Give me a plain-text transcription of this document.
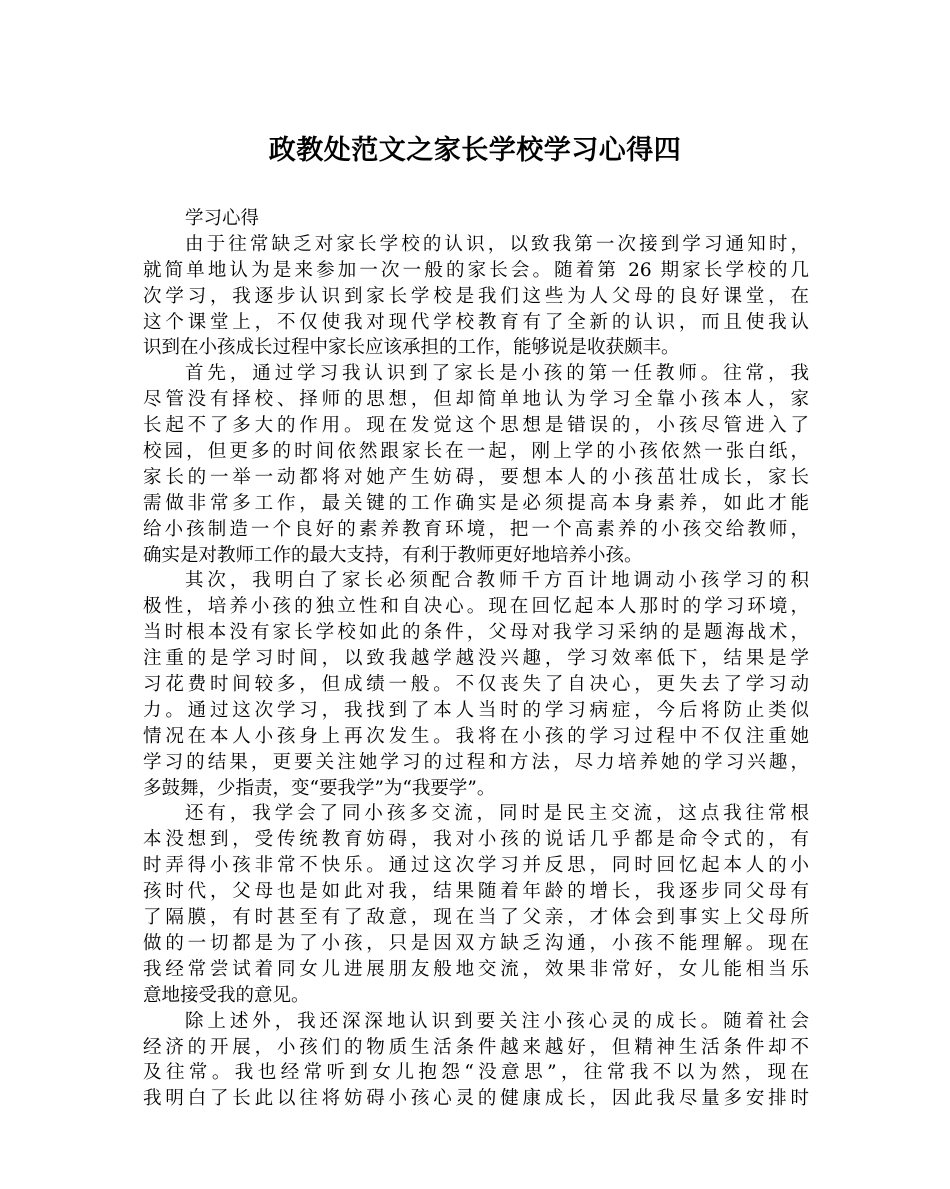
政教处范文之家长学校学习心得四
学习心得
由于往常缺乏对家长学校的认识，以致我第一次接到学习通知时，
就简单地认为是来参加一次一般的家长会。随着第 26 期家长学校的几
次学习，我逐步认识到家长学校是我们这些为人父母的良好课堂，在
这个课堂上，不仅使我对现代学校教育有了全新的认识，而且使我认
识到在小孩成长过程中家长应该承担的工作，能够说是收获颇丰。
首先，通过学习我认识到了家长是小孩的第一任教师。往常，我
尽管没有择校、择师的思想，但却简单地认为学习全靠小孩本人，家
长起不了多大的作用。现在发觉这个思想是错误的，小孩尽管进入了
校园，但更多的时间依然跟家长在一起，刚上学的小孩依然一张白纸，
家长的一举一动都将对她产生妨碍，要想本人的小孩茁壮成长，家长
需做非常多工作，最关键的工作确实是必须提高本身素养，如此才能
给小孩制造一个良好的素养教育环境，把一个高素养的小孩交给教师，
确实是对教师工作的最大支持，有利于教师更好地培养小孩。
其次，我明白了家长必须配合教师千方百计地调动小孩学习的积
极性，培养小孩的独立性和自决心。现在回忆起本人那时的学习环境，
当时根本没有家长学校如此的条件，父母对我学习采纳的是题海战术，
注重的是学习时间，以致我越学越没兴趣，学习效率低下，结果是学
习花费时间较多，但成绩一般。不仅丧失了自决心，更失去了学习动
力。通过这次学习，我找到了本人当时的学习病症，今后将防止类似
情况在本人小孩身上再次发生。我将在小孩的学习过程中不仅注重她
学习的结果，更要关注她学习的过程和方法，尽力培养她的学习兴趣，
多鼓舞，少指责，变“要我学”为“我要学”。
还有，我学会了同小孩多交流，同时是民主交流，这点我往常根
本没想到，受传统教育妨碍，我对小孩的说话几乎都是命令式的，有
时弄得小孩非常不快乐。通过这次学习并反思，同时回忆起本人的小
孩时代，父母也是如此对我，结果随着年龄的增长，我逐步同父母有
了隔膜，有时甚至有了敌意，现在当了父亲，才体会到事实上父母所
做的一切都是为了小孩，只是因双方缺乏沟通，小孩不能理解。现在
我经常尝试着同女儿进展朋友般地交流，效果非常好，女儿能相当乐
意地接受我的意见。
除上述外，我还深深地认识到要关注小孩心灵的成长。随着社会
经济的开展，小孩们的物质生活条件越来越好，但精神生活条件却不
及往常。我也经常听到女儿抱怨“没意思”，往常我不以为然，现在
我明白了长此以往将妨碍小孩心灵的健康成长，因此我尽量多安排时
